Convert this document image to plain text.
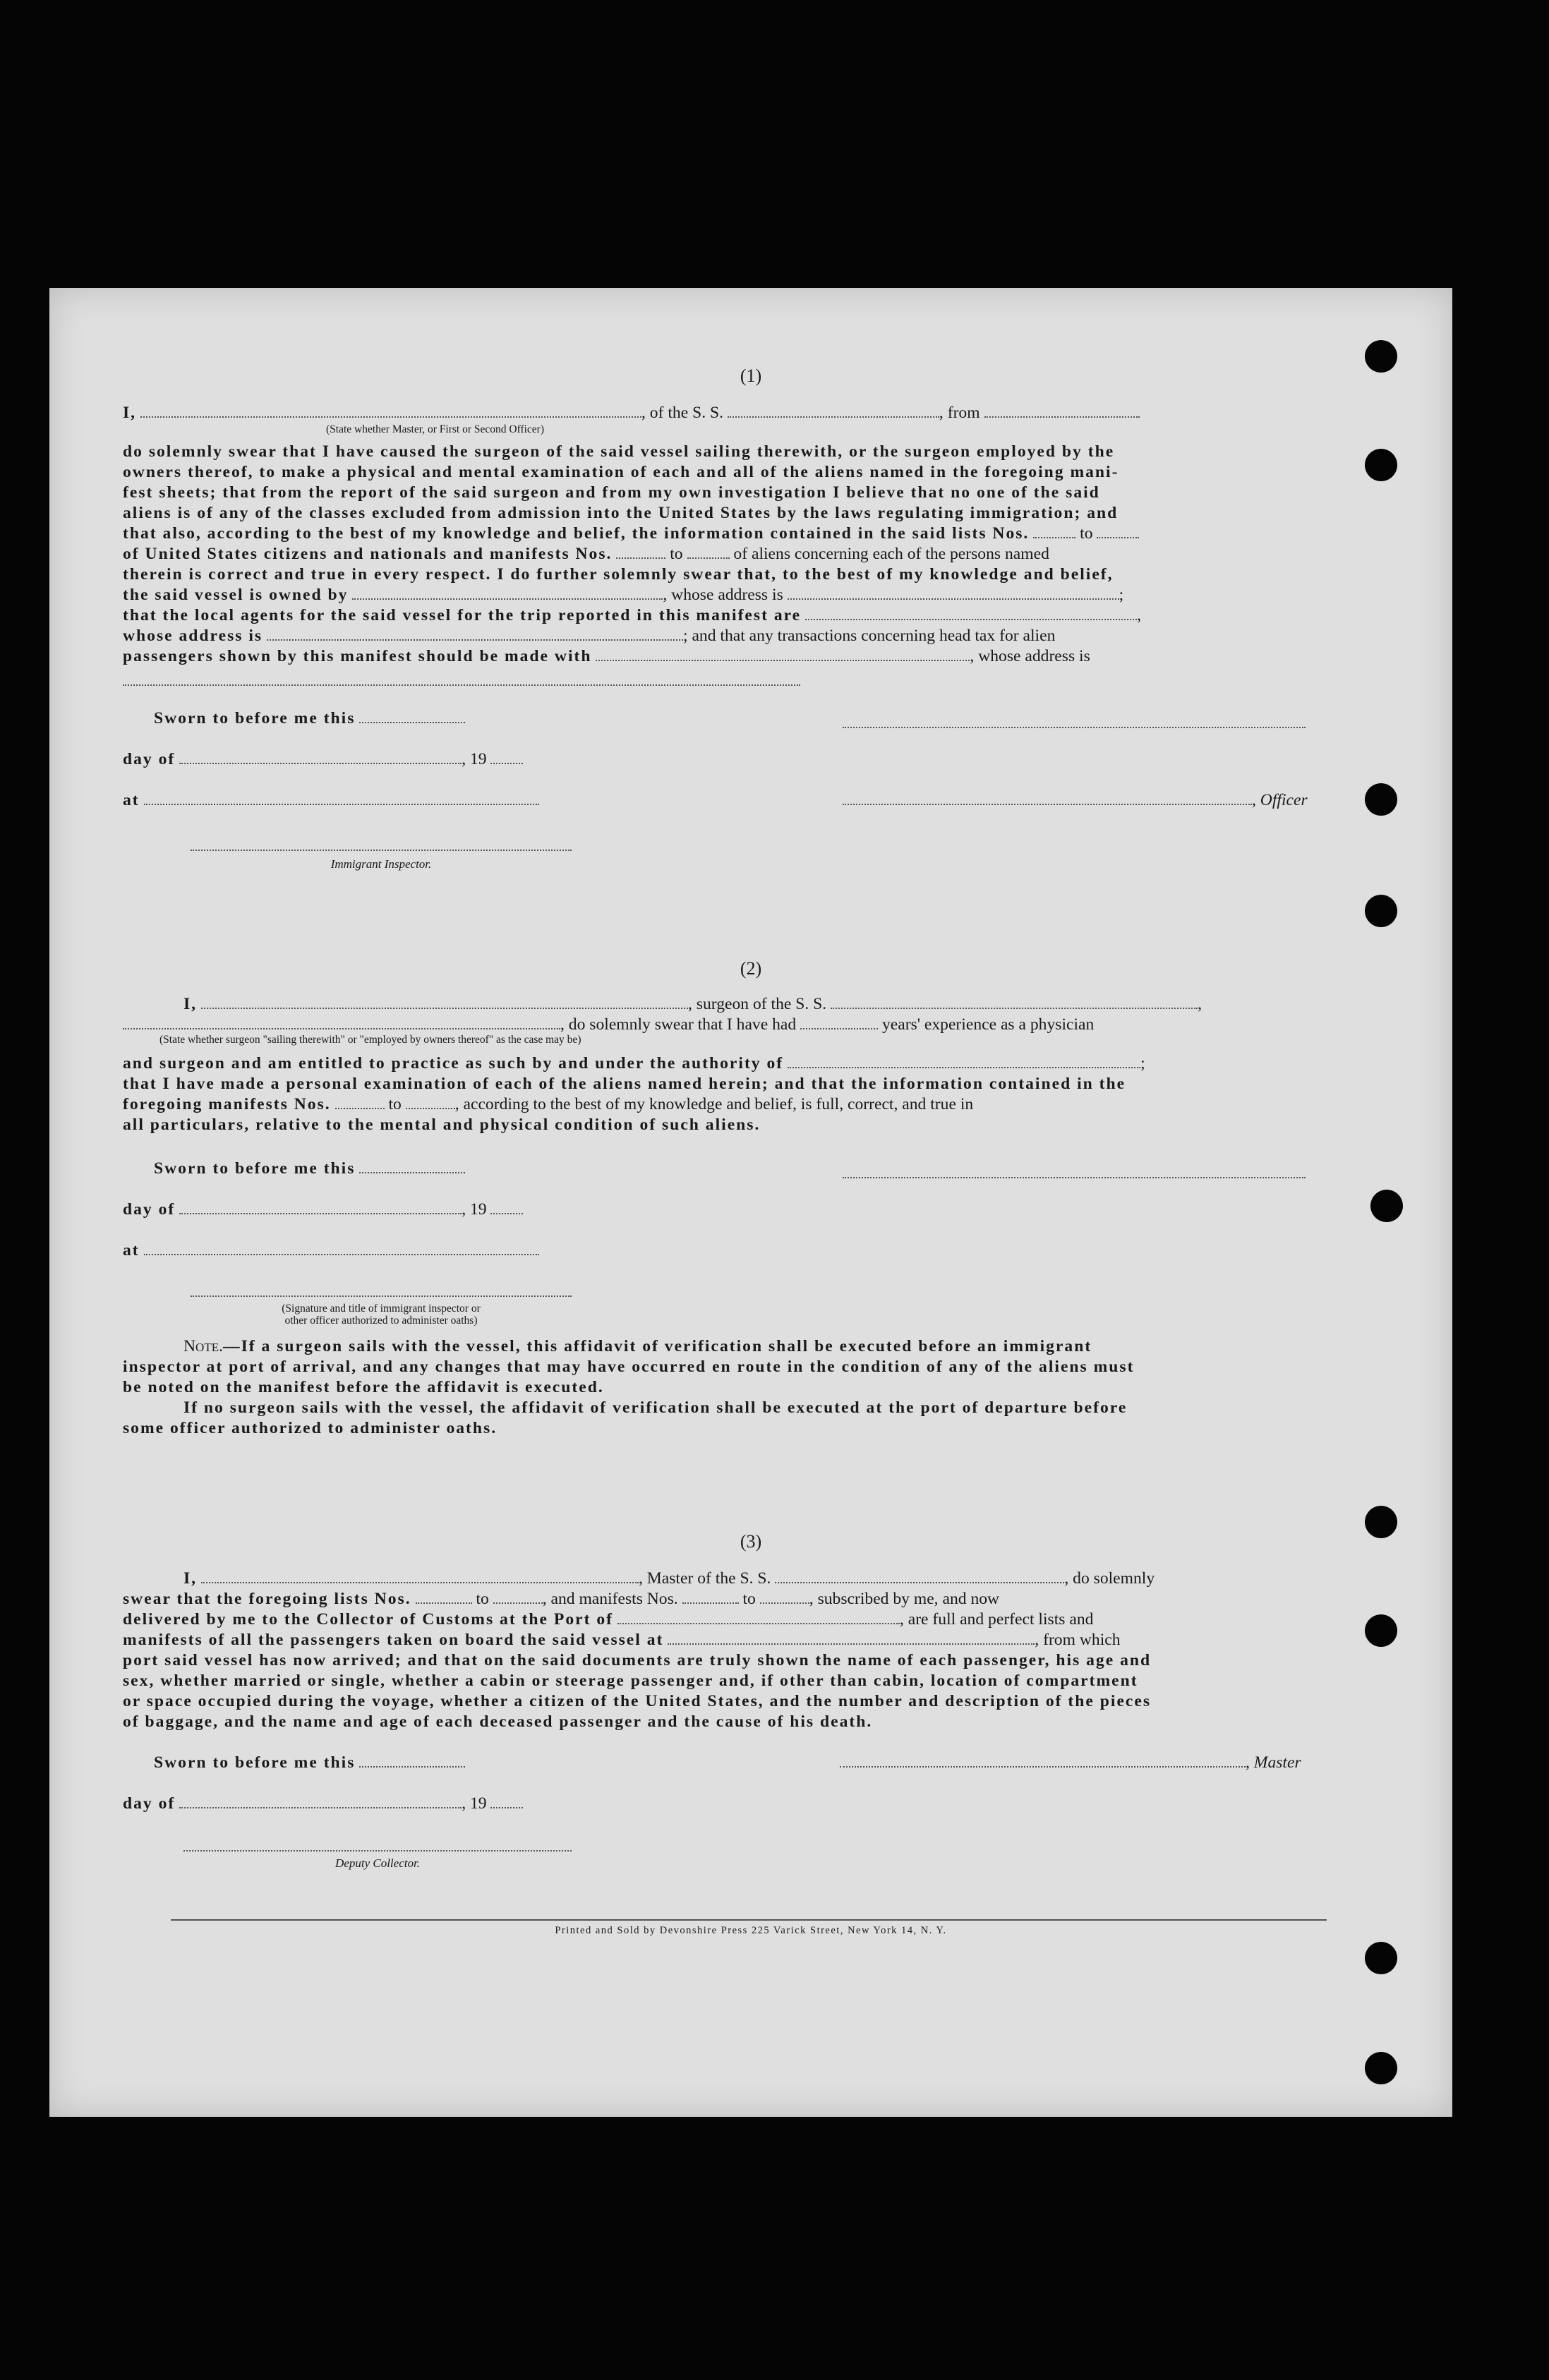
(1)
I,	, of the S. S.	, from
(State whether Master, or First or Second Officer)
do solemnly swear that I have caused the surgeon of the said vessel sailing therewith, or the surgeon employed by the
owners thereof, to make a physical and mental examination of each and all of the aliens named in the foregoing mani-
fest sheets; that from the report of the said surgeon and from my own investigation I believe that no one of the said
aliens is of any of the classes excluded from admission into the United States by the laws regulating immigration; and
that also, according to the best of my knowledge and belief, the information contained in the said lists Nos.	to
of United States citizens and nationals and manifests Nos.	to	of aliens concerning each of the persons named
therein is correct and true in every respect. I do further solemnly swear that, to the best of my knowledge and belief,
the said vessel is owned by	, whose address is	;
that the local agents for the said vessel for the trip reported in this manifest are	,
whose address is	; and that any transactions concerning head tax for alien
passengers shown by this manifest should be made with	, whose address is
Sworn to before me this
day of	, 19
at	, Officer
Immigrant Inspector.
(2)
I,	, surgeon of the S. S.	,
, do solemnly swear that I have had	years' experience as a physician
(State whether surgeon "sailing therewith" or "employed by owners thereof" as the case may be)
and surgeon and am entitled to practice as such by and under the authority of	;
that I have made a personal examination of each of the aliens named herein; and that the information contained in the
foregoing manifests Nos.	to	, according to the best of my knowledge and belief, is full, correct, and true in
all particulars, relative to the mental and physical condition of such aliens.
Sworn to before me this
day of	, 19
at
(Signature and title of immigrant inspector or
other officer authorized to administer oaths)
Note.—If a surgeon sails with the vessel, this affidavit of verification shall be executed before an immigrant
inspector at port of arrival, and any changes that may have occurred en route in the condition of any of the aliens must
be noted on the manifest before the affidavit is executed.
If no surgeon sails with the vessel, the affidavit of verification shall be executed at the port of departure before
some officer authorized to administer oaths.
(3)
I,	, Master of the S. S.	, do solemnly
swear that the foregoing lists Nos.	to	, and manifests Nos.	to	, subscribed by me, and now
delivered by me to the Collector of Customs at the Port of	, are full and perfect lists and
manifests of all the passengers taken on board the said vessel at	, from which
port said vessel has now arrived; and that on the said documents are truly shown the name of each passenger, his age and
sex, whether married or single, whether a cabin or steerage passenger and, if other than cabin, location of compartment
or space occupied during the voyage, whether a citizen of the United States, and the number and description of the pieces
of baggage, and the name and age of each deceased passenger and the cause of his death.
Sworn to before me this	, Master
day of	, 19
Deputy Collector.
Printed and Sold by Devonshire Press 225 Varick Street, New York 14, N. Y.
